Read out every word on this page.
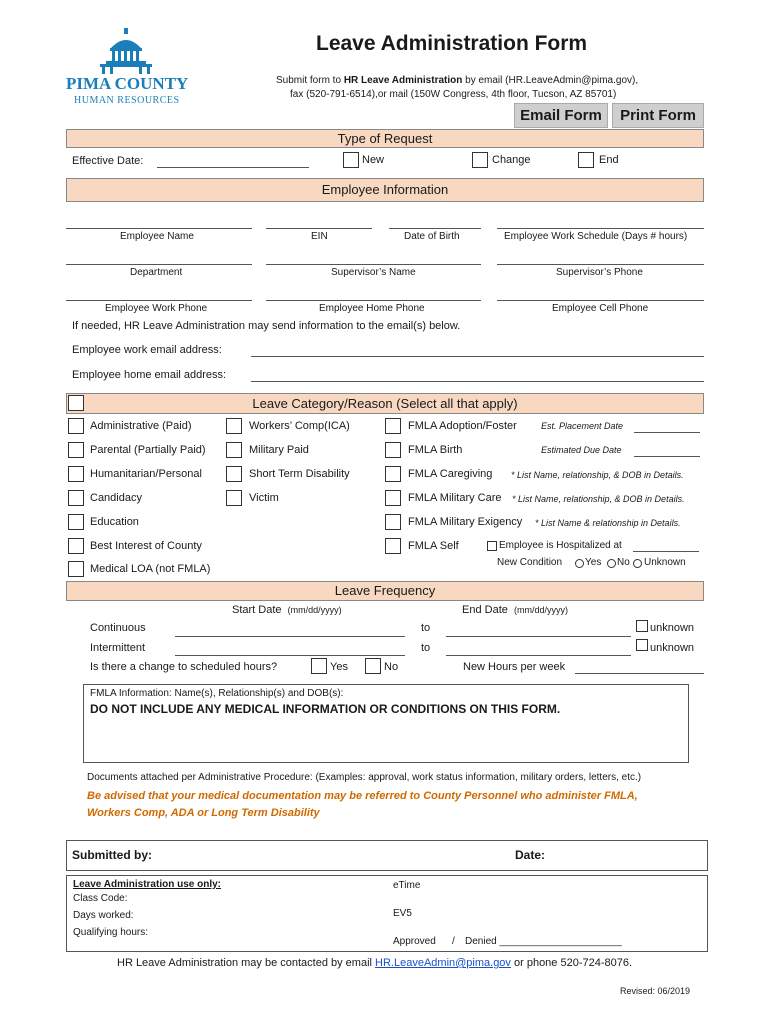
PIMA COUNTY
HUMAN RESOURCES
Leave Administration Form
Submit form to HR Leave Administration by email (HR.LeaveAdmin@pima.gov),
fax (520-791-6514),or mail (150W Congress, 4th floor, Tucson, AZ 85701)
Email Form	Print Form
Type of Request
Effective Date:	New	Change	End
Employee Information
Employee Name	EIN	Date of Birth	Employee Work Schedule (Days # hours)
Department	Supervisor’s Name	Supervisor’s Phone
Employee Work Phone	Employee Home Phone	Employee Cell Phone
If needed, HR Leave Administration may send information to the email(s) below.
Employee work email address:
Employee home email address:
Leave Category/Reason (Select all that apply)
Administrative (Paid)
Parental (Partially Paid)
Humanitarian/Personal
Candidacy
Education
Best Interest of County
Medical LOA (not FMLA)
Workers’ Comp(ICA)
Military Paid
Short Term Disability
Victim
FMLA Adoption/Foster	Est. Placement Date
FMLA Birth	Estimated Due Date
FMLA Caregiving * List Name, relationship, & DOB in Details.
FMLA Military Care * List Name, relationship, & DOB in Details.
FMLA Military Exigency * List Name & relationship in Details.
FMLA Self	Employee is Hospitalized at
New Condition Yes No Unknown
Leave Frequency
Start Date (mm/dd/yyyy)	End Date (mm/dd/yyyy)
Continuous	to	unknown
Intermittent	to	unknown
Is there a change to scheduled hours?	Yes	No	New Hours per week
FMLA Information: Name(s), Relationship(s) and DOB(s):
DO NOT INCLUDE ANY MEDICAL INFORMATION OR CONDITIONS ON THIS FORM.
Documents attached per Administrative Procedure: (Examples: approval, work status information, military orders, letters, etc.)
Be advised that your medical documentation may be referred to County Personnel who administer FMLA,
Workers Comp, ADA or Long Term Disability
Submitted by:	Date:
Leave Administration use only:
Class Code:
Days worked:
Qualifying hours:
eTime
EV5
Approved / Denied ______________________
HR Leave Administration may be contacted by email HR.LeaveAdmin@pima.gov or phone 520-724-8076.
Revised: 06/2019
